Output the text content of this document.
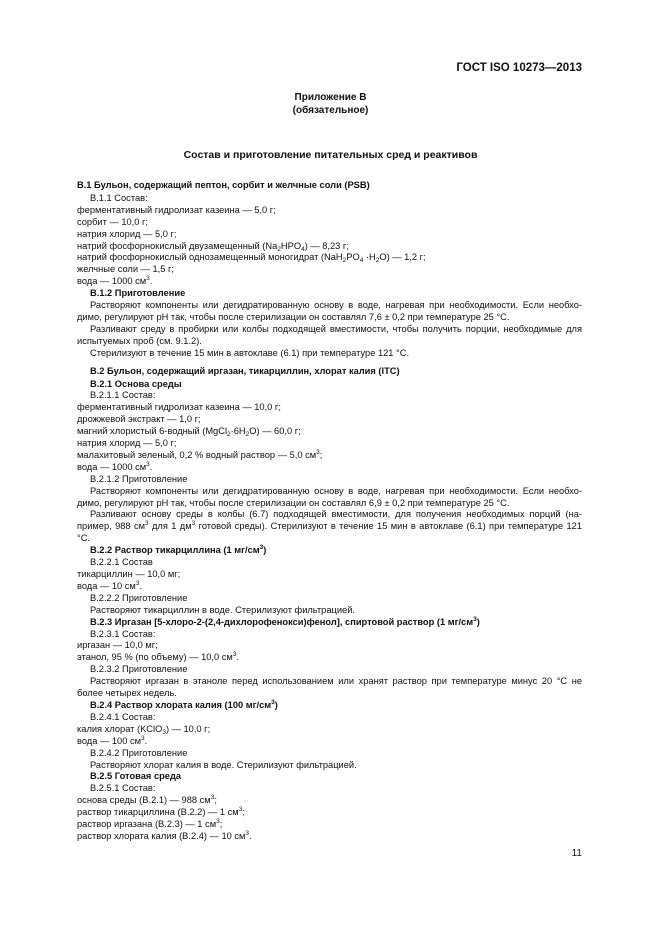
ГОСТ ISO 10273—2013
Приложение В
(обязательное)
Состав и приготовление питательных сред и реактивов

В.1 Бульон, содержащий пептон, сорбит и желчные соли (PSB)

В.1.1 Состав:

ферментативный гидролизат казеина — 5,0 г;

сорбит — 10,0 г;

натрия хлорид — 5,0 г;

натрий фосфорнокислый двузамещенный $(Na_2HPO_4)$ — 8,23 г;

натрий фосфорнокислый однозамещенный моногидрат $(NaH_2PO_4 \cdot H_2O)$ — 1,2 г;

желчные соли — 1,5 г;

вода — 1000 $см^3$.

В.1.2 Приготовление

Растворяют компоненты или дегидратированную основу в воде, нагревая при необходимости. Если необхо-димо, регулируют рН так, чтобы после стерилизации он составлял 7,6 ± 0,2 при температуре 25 °С.

Разливают среду в пробирки или колбы подходящей вместимости, чтобы получить порции, необходимые для испытуемых проб (см. 9.1.2).

Стерилизуют в течение 15 мин в автоклаве (6.1) при температуре 121 °С.

В.2 Бульон, содержащий иргазан, тикарциллин, хлорат калия (ITC)

В.2.1 Основа среды

В.2.1.1 Состав:

ферментативный гидролизат казеина — 10,0 г;

дрожжевой экстракт — 1,0 г;

магний хлористый 6-водный $(MgCl_2\cdot 6H_2O)$ — 60,0 г;

натрия хлорид — 5,0 г;

малахитовый зеленый, 0,2 % водный раствор — 5,0 $см^3$;

вода — 1000 $см^3$.

В.2.1.2 Приготовление

Растворяют компоненты или дегидратированную основу в воде, нагревая при необходимости. Если необхо-димо, регулируют рН так, чтобы после стерилизации он составлял 6,9 ± 0,2 при температуре 25 °С.

Разливают основу среды в колбы (6.7) подходящей вместимости, для получения необходимых порций (на-пример, 988 $см^3$ для 1 $дм^3$ готовой среды). Стерилизуют в течение 15 мин в автоклаве (6.1) при температуре 121 °С.

В.2.2 Раствор тикарциллина (1 $мг/см^3$)

В.2.2.1 Состав

тикарциллин — 10,0 мг;

вода — 10 $см^3$.

В.2.2.2 Приготовление

Растворяют тикарциллин в воде. Стерилизуют фильтрацией.

В.2.3 Иргазан [5-хлоро-2-(2,4-дихлорофенокси)фенол], спиртовой раствор (1 $мг/см^3$)

В.2.3.1 Состав:

иргазан — 10,0 мг;

этанол, 95 % (по объему) — 10,0 $см^3$.

В.2.3.2 Приготовление

Растворяют иргазан в этаноле перед использованием или хранят раствор при температуре минус 20 °С не более четырех недель.

В.2.4 Раствор хлората калия (100 $мг/см^3$)

В.2.4.1 Состав:

калия хлорат (KClO$_3$) — 10,0 г;

вода — 100 $см^3$.

В.2.4.2 Приготовление

Растворяют хлорат калия в воде. Стерилизуют фильтрацией.

В.2.5 Готовая среда

В.2.5.1 Состав:

основа среды (В.2.1) — 988 $см^3$;

раствор тикарциллина (В.2.2) — 1 $см^3$;

раствор иргазана (В.2.3) — 1 $см^3$;

раствор хлората калия (В.2.4) — 10 $см^3$.

11
